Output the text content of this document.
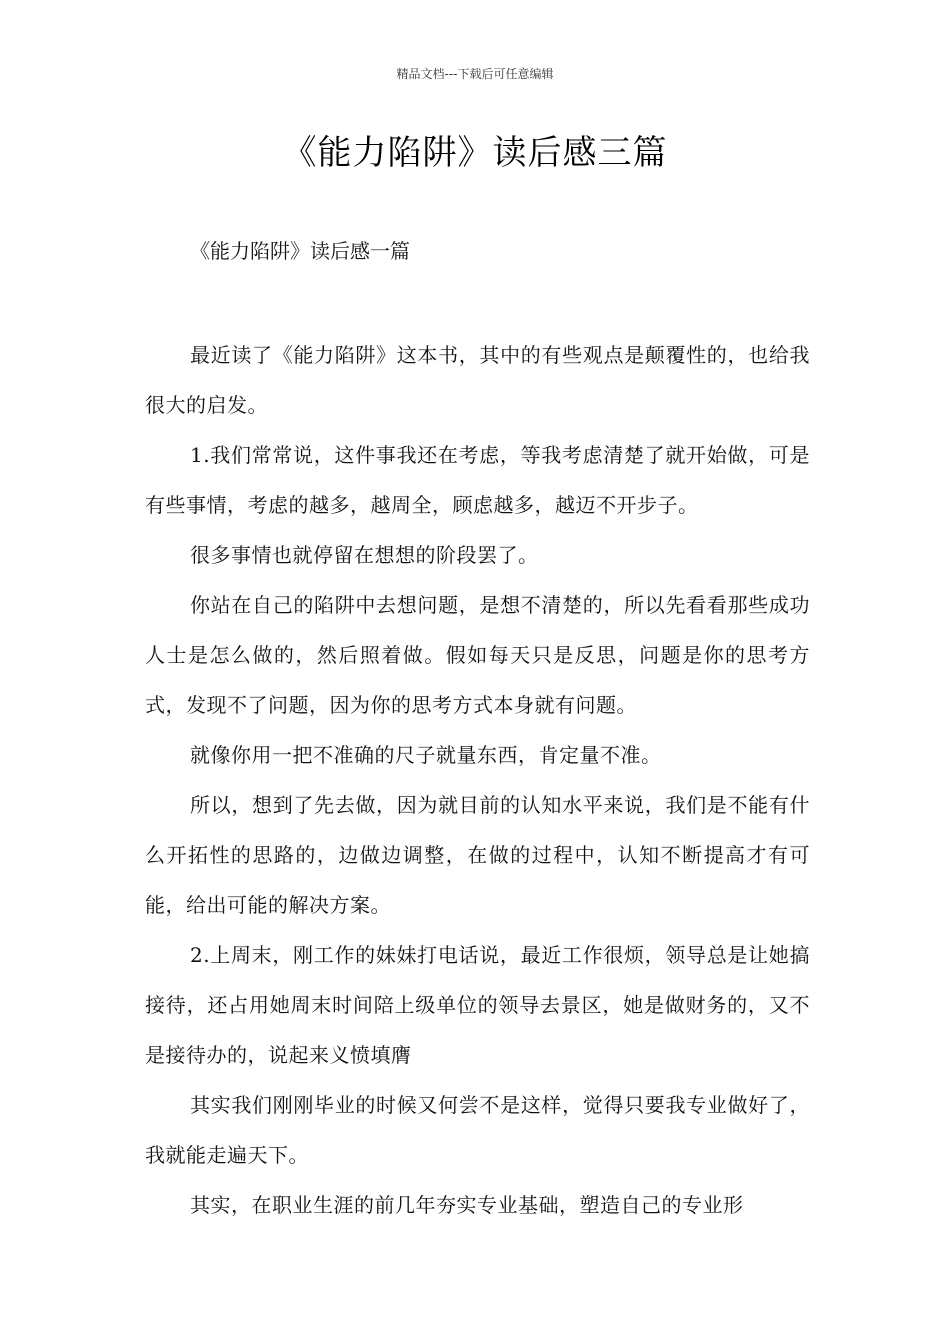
精品文档---下载后可任意编辑
《能力陷阱》读后感三篇
《能力陷阱》读后感一篇

最近读了《能力陷阱》这本书，其中的有些观点是颠覆性的，也给我很大的启发。

1.我们常常说，这件事我还在考虑，等我考虑清楚了就开始做，可是有些事情，考虑的越多，越周全，顾虑越多，越迈不开步子。

很多事情也就停留在想想的阶段罢了。

你站在自己的陷阱中去想问题，是想不清楚的，所以先看看那些成功人士是怎么做的，然后照着做。假如每天只是反思，问题是你的思考方式，发现不了问题，因为你的思考方式本身就有问题。

就像你用一把不准确的尺子就量东西，肯定量不准。

所以，想到了先去做，因为就目前的认知水平来说，我们是不能有什么开拓性的思路的，边做边调整，在做的过程中，认知不断提高才有可能，给出可能的解决方案。

2.上周末，刚工作的妹妹打电话说，最近工作很烦，领导总是让她搞接待，还占用她周末时间陪上级单位的领导去景区，她是做财务的，又不是接待办的，说起来义愤填膺

其实我们刚刚毕业的时候又何尝不是这样，觉得只要我专业做好了，我就能走遍天下。

其实，在职业生涯的前几年夯实专业基础，塑造自己的专业形
